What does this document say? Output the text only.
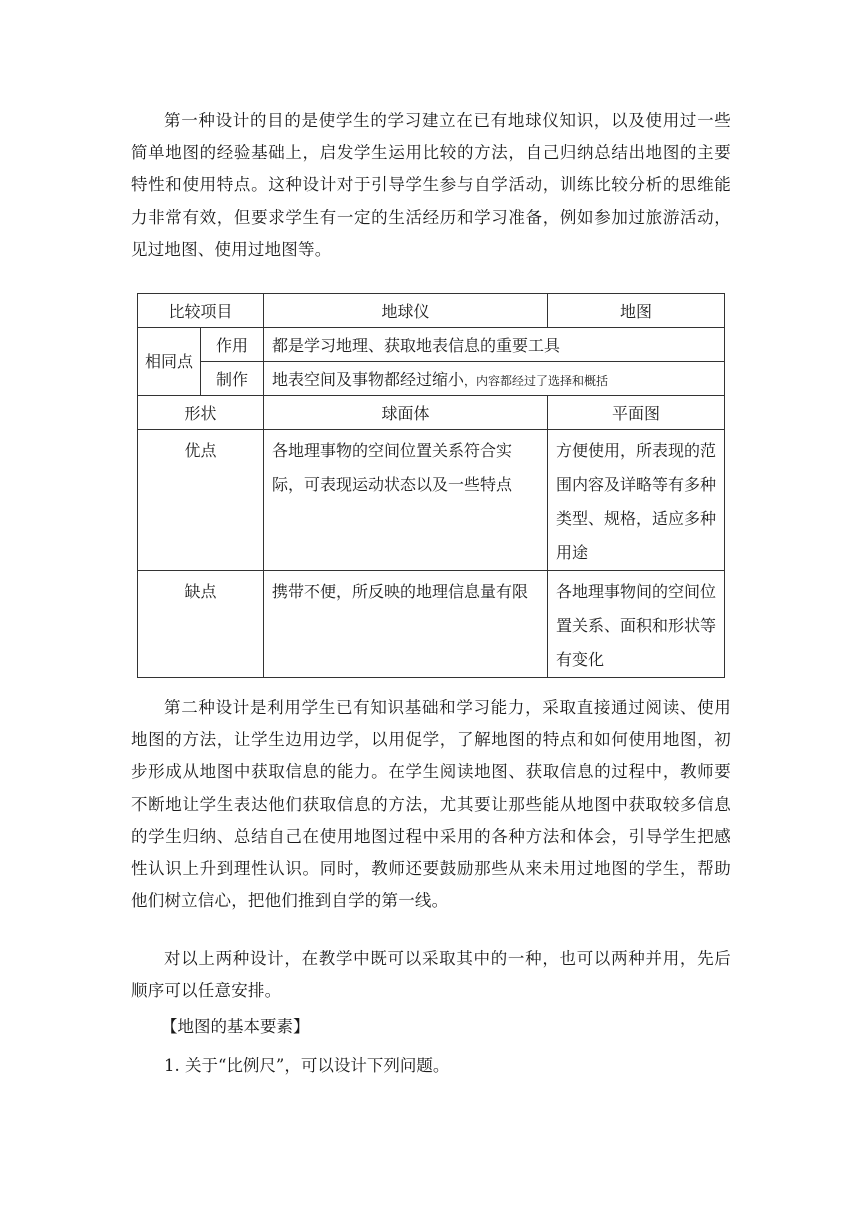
第一种设计的目的是使学生的学习建立在已有地球仪知识，以及使用过一些简单地图的经验基础上，启发学生运用比较的方法，自己归纳总结出地图的主要特性和使用特点。这种设计对于引导学生参与自学活动，训练比较分析的思维能力非常有效，但要求学生有一定的生活经历和学习准备，例如参加过旅游活动，见过地图、使用过地图等。

比较项目		地球仪	地图
相同点	作用	都是学习地理、获取地表信息的重要工具	
	制作	地表空间及事物都经过缩小，内容都经过了选择和概括	
形状		球面体	平面图
优点		各地理事物的空间位置关系符合实际，可表现运动状态以及一些特点	方便使用，所表现的范围内容及详略等有多种类型、规格，适应多种用途

缺点		携带不便，所反映的地理信息量有限	各地理事物间的空间位置关系、面积和形状等有变化

第二种设计是利用学生已有知识基础和学习能力，采取直接通过阅读、使用地图的方法，让学生边用边学，以用促学，了解地图的特点和如何使用地图，初步形成从地图中获取信息的能力。在学生阅读地图、获取信息的过程中，教师要不断地让学生表达他们获取信息的方法，尤其要让那些能从地图中获取较多信息的学生归纳、总结自己在使用地图过程中采用的各种方法和体会，引导学生把感性认识上升到理性认识。同时，教师还要鼓励那些从来未用过地图的学生，帮助他们树立信心，把他们推到自学的第一线。

对以上两种设计，在教学中既可以采取其中的一种，也可以两种并用，先后顺序可以任意安排。

【地图的基本要素】

1. 关于“比例尺”，可以设计下列问题。
